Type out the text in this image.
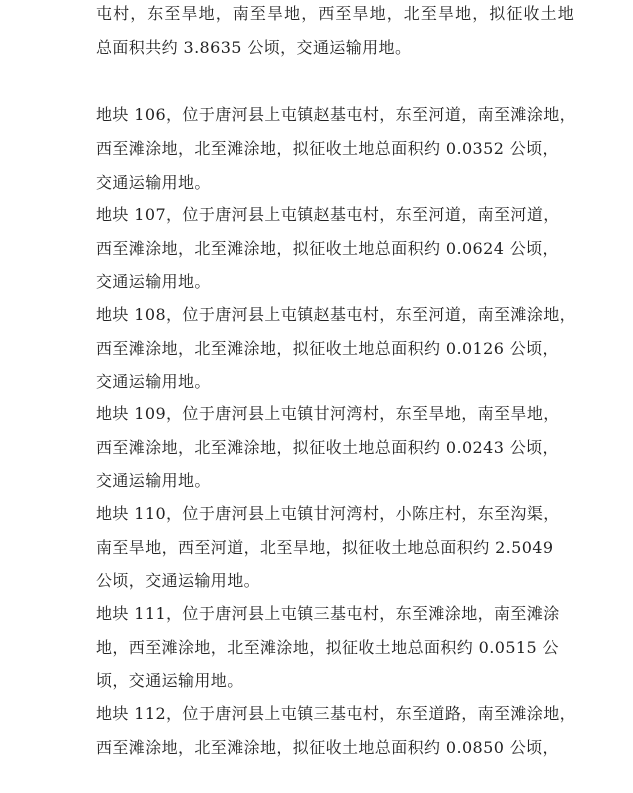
屯村，东至旱地，南至旱地，西至旱地，北至旱地，拟征收土地

总面积共约 3.8635 公顷，交通运输用地。

地块 106，位于唐河县上屯镇赵基屯村，东至河道，南至滩涂地，

西至滩涂地，北至滩涂地，拟征收土地总面积约 0.0352 公顷，

交通运输用地。

地块 107，位于唐河县上屯镇赵基屯村，东至河道，南至河道，

西至滩涂地，北至滩涂地，拟征收土地总面积约 0.0624 公顷，

交通运输用地。

地块 108，位于唐河县上屯镇赵基屯村，东至河道，南至滩涂地，

西至滩涂地，北至滩涂地，拟征收土地总面积约 0.0126 公顷，

交通运输用地。

地块 109，位于唐河县上屯镇甘河湾村，东至旱地，南至旱地，

西至滩涂地，北至滩涂地，拟征收土地总面积约 0.0243 公顷，

交通运输用地。

地块 110，位于唐河县上屯镇甘河湾村，小陈庄村，东至沟渠，

南至旱地，西至河道，北至旱地，拟征收土地总面积约 2.5049

公顷，交通运输用地。

地块 111，位于唐河县上屯镇三基屯村，东至滩涂地，南至滩涂

地，西至滩涂地，北至滩涂地，拟征收土地总面积约 0.0515 公

顷，交通运输用地。

地块 112，位于唐河县上屯镇三基屯村，东至道路，南至滩涂地，

西至滩涂地，北至滩涂地，拟征收土地总面积约 0.0850 公顷，
